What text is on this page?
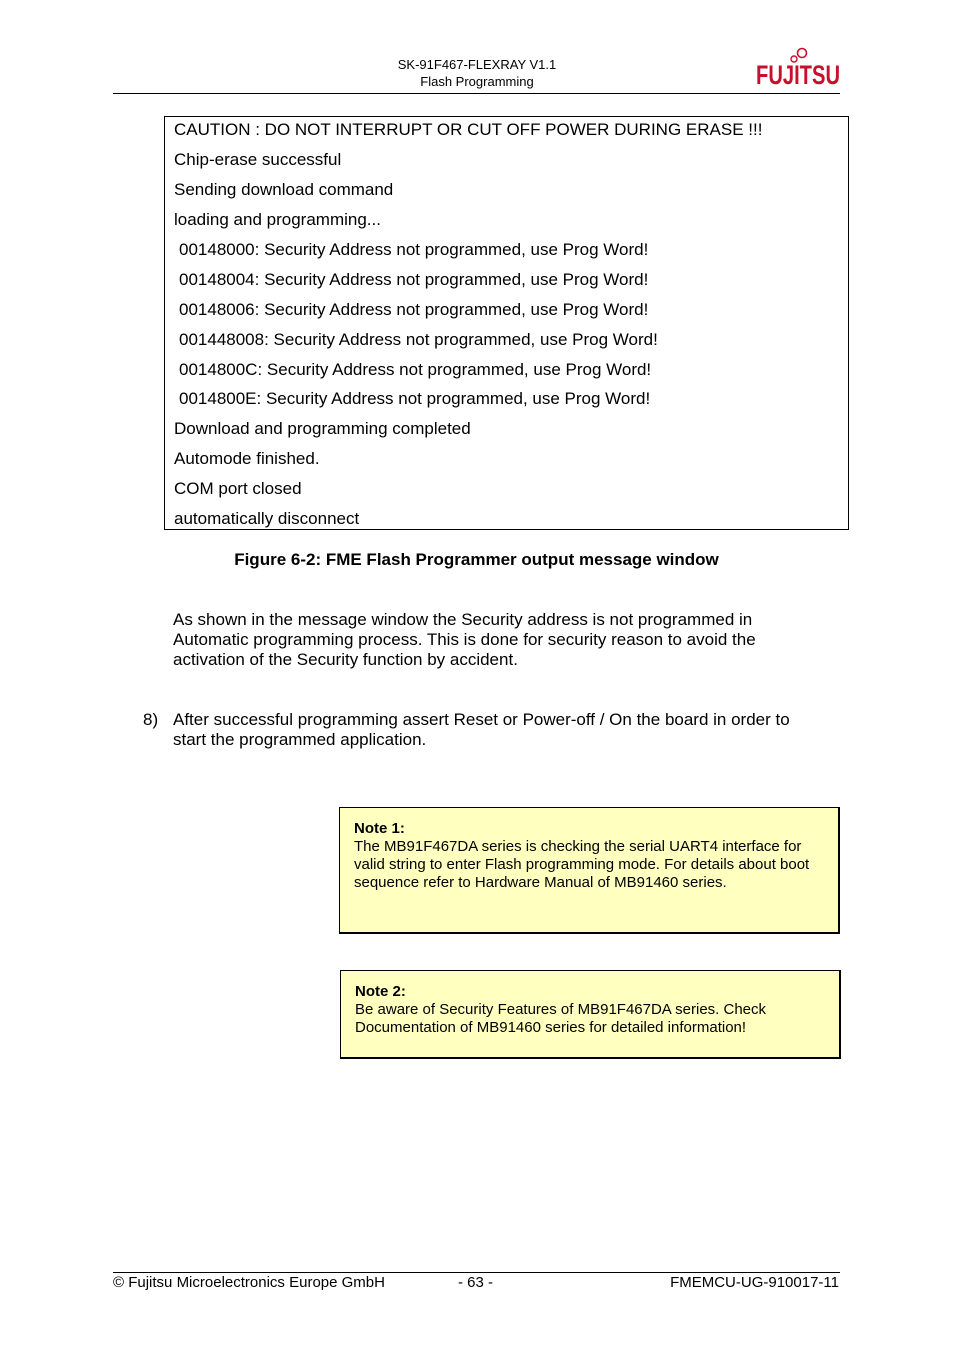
SK-91F467-FLEXRAY V1.1
Flash Programming	FUJITSU
CAUTION : DO NOT INTERRUPT OR CUT OFF POWER DURING ERASE !!!
Chip-erase successful
Sending download command
loading and programming...
00148000: Security Address not programmed, use Prog Word!
00148004: Security Address not programmed, use Prog Word!
00148006: Security Address not programmed, use Prog Word!
001448008: Security Address not programmed, use Prog Word!
0014800C: Security Address not programmed, use Prog Word!
0014800E: Security Address not programmed, use Prog Word!
Download and programming completed
Automode finished.
COM port closed
automatically disconnect
Figure 6-2: FME Flash Programmer output message window
As shown in the message window the Security address is not programmed in Automatic programming process. This is done for security reason to avoid the activation of the Security function by accident.
8) After successful programming assert Reset or Power-off / On the board in order to start the programmed application.
Note 1:
The MB91F467DA series is checking the serial UART4 interface for valid string to enter Flash programming mode. For details about boot sequence refer to Hardware Manual of MB91460 series.
Note 2:
Be aware of Security Features of MB91F467DA series. Check Documentation of MB91460 series for detailed information!
© Fujitsu Microelectronics Europe GmbH	- 63 -	FMEMCU-UG-910017-11
